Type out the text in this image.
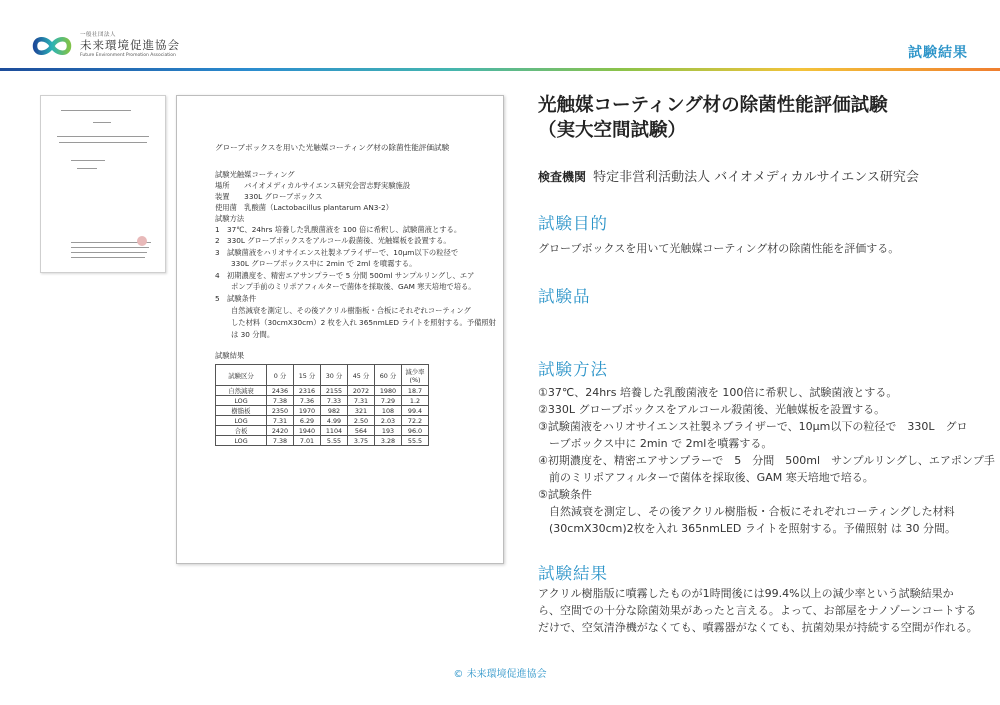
一般社団法人
未来環境促進協会
Future Environment Promotion Association	試験結果
グローブボックスを用いた光触媒コーティング材の除菌性能評価試験
試験光触媒コーティング
場所　　バイオメディカルサイエンス研究会習志野実験施設
装置　　330L グローブボックス
使用菌　乳酸菌（Lactobacillus plantarum AN3-2）
試験方法
1　37℃、24hrs 培養した乳酸菌液を 100 倍に希釈し、試験菌液とする。
2　330L グローブボックスをアルコール殺菌後、光触媒板を設置する。
3　試験菌液をハリオサイエンス社製ネブライザーで、10μm以下の粒径で
330L グローブボックス中に 2min で 2ml を噴霧する。
4　初期濃度を、精密エアサンプラーで 5 分間 500ml サンプルリングし、エア
ポンプ手前のミリポアフィルターで菌体を採取後、GAM 寒天培地で培る。
5　試験条件
自然減衰を測定し、その後アクリル樹脂板・合板にそれぞれコーティング
した材料（30cmX30cm）2 枚を入れ 365nmLED ライトを照射する。予備照射
は 30 分間。
試験結果
試験区分	0 分	15 分	30 分	45 分	60 分	減少率 (%)
自然減衰	2436	2316	2155	2072	1980	18.7
LOG	7.38	7.36	7.33	7.31	7.29	1.2
樹脂板	2350	1970	982	321	108	99.4
LOG	7.31	6.29	4.99	2.50	2.03	72.2
合板	2420	1940	1104	564	193	96.0
LOG	7.38	7.01	5.55	3.75	3.28	55.5
光触媒コーティング材の除菌性能評価試験
（実大空間試験）
検査機関 特定非営利活動法人 バイオメディカルサイエンス研究会
試験目的
グローブボックスを用いて光触媒コーティング材の除菌性能を評価する。
試験品
試験方法
①37℃、24hrs 培養した乳酸菌液を 100倍に希釈し、試験菌液とする。
②330L グローブボックスをアルコール殺菌後、光触媒板を設置する。
③試験菌液をハリオサイエンス社製ネブライザーで、10μm以下の粒径で　330L　グロ
ーブボックス中に 2min で 2mlを噴霧する。
④初期濃度を、精密エアサンプラーで　5　分間　500ml　サンプルリングし、エアポンプ手
前のミリポアフィルターで菌体を採取後、GAM 寒天培地で培る。
⑤試験条件
自然減衰を測定し、その後アクリル樹脂板・合板にそれぞれコーティングした材料
(30cmX30cm)2枚を入れ 365nmLED ライトを照射する。予備照射 は 30 分間。
試験結果
アクリル樹脂版に噴霧したものが1時間後には99.4%以上の減少率という試験結果か
ら、空間での十分な除菌効果があったと言える。よって、お部屋をナノゾーンコートする
だけで、空気清浄機がなくても、噴霧器がなくても、抗菌効果が持続する空間が作れる。
© 未来環境促進協会
